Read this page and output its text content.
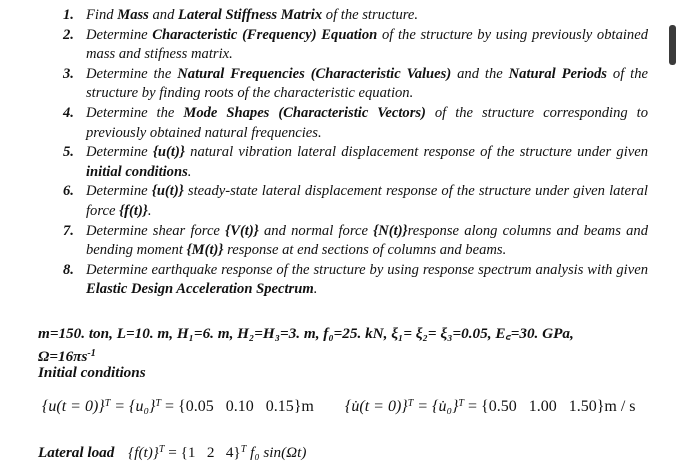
1. Find Mass and Lateral Stiffness Matrix of the structure.
2. Determine Characteristic (Frequency) Equation of the structure by using previously obtained mass and stifness matrix.
3. Determine the Natural Frequencies (Characteristic Values) and the Natural Periods of the structure by finding roots of the characteristic equation.
4. Determine the Mode Shapes (Characteristic Vectors) of the structure corresponding to previously obtained natural frequencies.
5. Determine {u(t)} natural vibration lateral displacement response of the structure under given initial conditions.
6. Determine {u(t)} steady-state lateral displacement response of the structure under given lateral force {f(t)}.
7. Determine shear force {V(t)} and normal force {N(t)}response along columns and beams and bending moment {M(t)} response at end sections of columns and beams.
8. Determine earthquake response of the structure by using response spectrum analysis with given Elastic Design Acceleration Spectrum.
m=150. ton, L=10. m, H₁=6. m, H₂=H₃=3. m, f₀=25. kN, ξ₁= ξ₂= ξ₃=0.05, E꜀=30. GPa,
$\Omega=16\pi s^{-1}$
Initial conditions
$\{u(t = 0)\}^T = \{u_0\}^T = \{0.05$   0.10   0.15}m {u̇(t = 0)}$^T$ = {u̇₀}$^T$ = {0.50   1.00   1.50}m / s
Lateral load $\{f(t)\}^T = \{1$   2   4}$^T$ f₀ sin(Ωt)
